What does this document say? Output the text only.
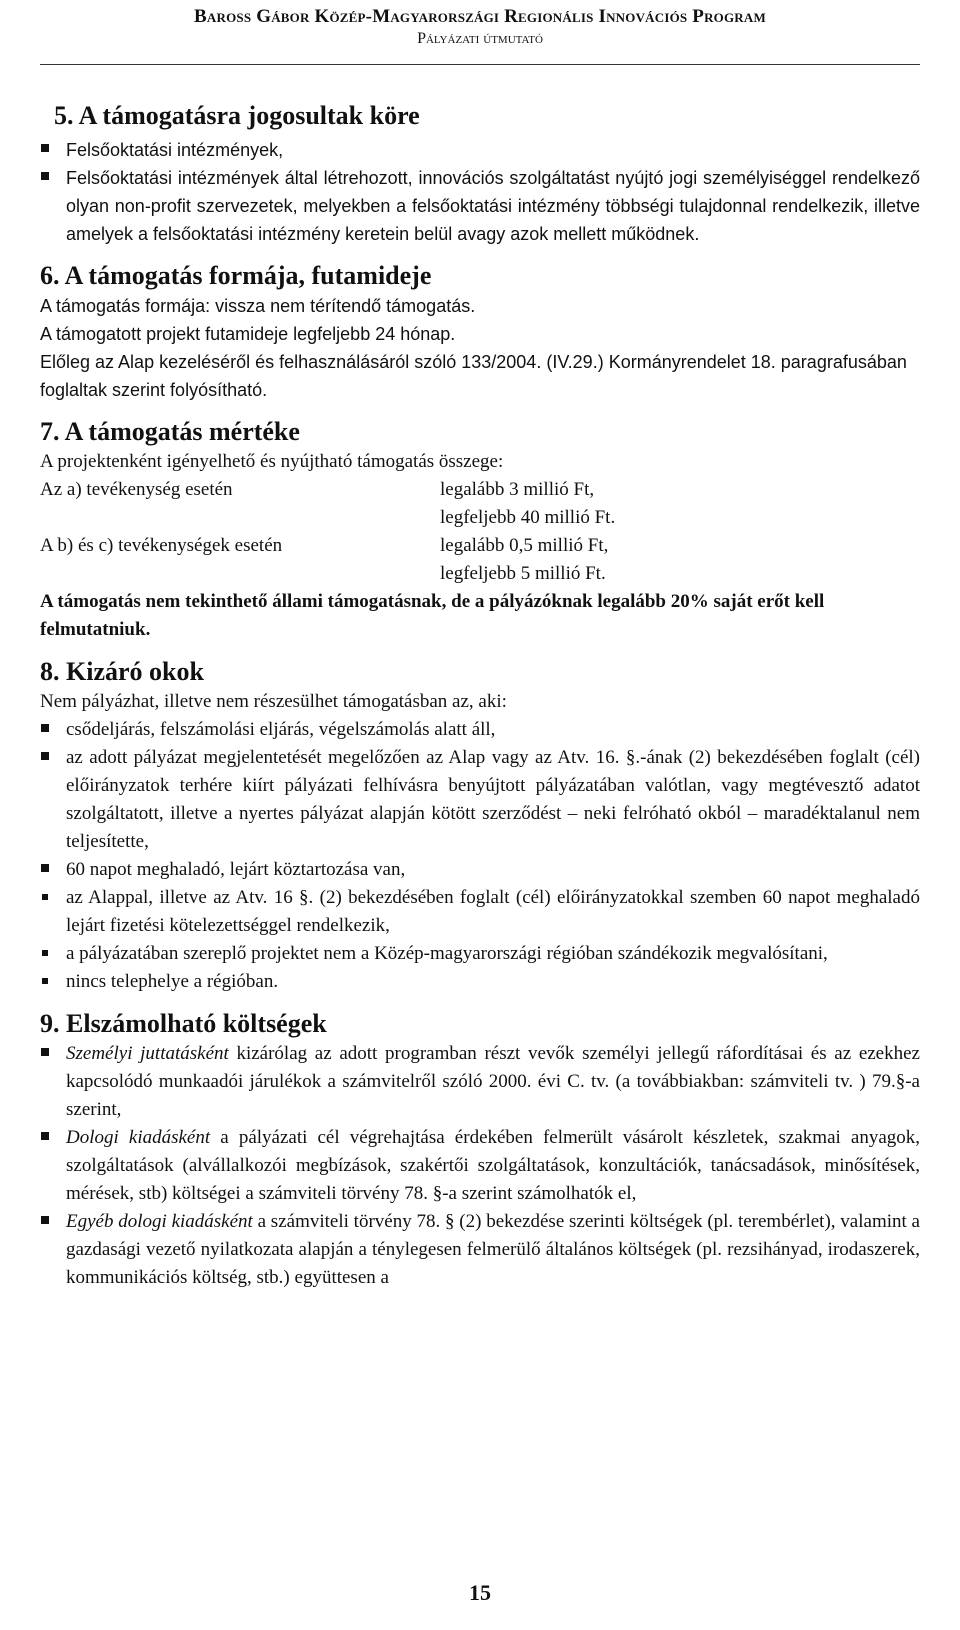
Baross Gábor Közép-Magyarországi Regionális Innovációs Program
Pályázati útmutató
5. A támogatásra jogosultak köre
Felsőoktatási intézmények,
Felsőoktatási intézmények által létrehozott, innovációs szolgáltatást nyújtó jogi személyiséggel rendelkező olyan non-profit szervezetek, melyekben a felsőoktatási intézmény többségi tulajdonnal rendelkezik, illetve amelyek a felsőoktatási intézmény keretein belül avagy azok mellett működnek.
6. A támogatás formája, futamideje

A támogatás formája: vissza nem térítendő támogatás.

A támogatott projekt futamideje legfeljebb 24 hónap.

Előleg az Alap kezeléséről és felhasználásáról szóló 133/2004. (IV.29.) Kormányrendelet 18. paragrafusában foglaltak szerint folyósítható.

7. A támogatás mértéke

A projektenként igényelhető és nyújtható támogatás összege:

Az a) tevékenység esetén	legalább 3 millió Ft,
legfeljebb 40 millió Ft.
A b) és c) tevékenységek esetén	legalább 0,5 millió Ft,
legfeljebb 5 millió Ft.

A támogatás nem tekinthető állami támogatásnak, de a pályázóknak legalább 20% saját erőt kell felmutatniuk.

8. Kizáró okok

Nem pályázhat, illetve nem részesülhet támogatásban az, aki:

csődeljárás, felszámolási eljárás, végelszámolás alatt áll,
az adott pályázat megjelentetését megelőzően az Alap vagy az Atv. 16. §.-ának (2) bekezdésében foglalt (cél) előirányzatok terhére kiírt pályázati felhívásra benyújtott pályázatában valótlan, vagy megtévesztő adatot szolgáltatott, illetve a nyertes pályázat alapján kötött szerződést – neki felróható okból – maradéktalanul nem teljesítette,
60 napot meghaladó, lejárt köztartozása van,
az Alappal, illetve az Atv. 16 §. (2) bekezdésében foglalt (cél) előirányzatokkal szemben 60 napot meghaladó lejárt fizetési kötelezettséggel rendelkezik,
a pályázatában szereplő projektet nem a Közép-magyarországi régióban szándékozik megvalósítani,
nincs telephelye a régióban.
9. Elszámolható költségek
Személyi juttatásként kizárólag az adott programban részt vevők személyi jellegű ráfordításai és az ezekhez kapcsolódó munkaadói járulékok a számvitelről szóló 2000. évi C. tv. (a továbbiakban: számviteli tv. ) 79.§-a szerint,
Dologi kiadásként a pályázati cél végrehajtása érdekében felmerült vásárolt készletek, szakmai anyagok, szolgáltatások (alvállalkozói megbízások, szakértői szolgáltatások, konzultációk, tanácsadások, minősítések, mérések, stb) költségei a számviteli törvény 78. §-a szerint számolhatók el,
Egyéb dologi kiadásként a számviteli törvény 78. § (2) bekezdése szerinti költségek (pl. terembérlet), valamint a gazdasági vezető nyilatkozata alapján a ténylegesen felmerülő általános költségek (pl. rezsihányad, irodaszerek, kommunikációs költség, stb.) együttesen a
15
